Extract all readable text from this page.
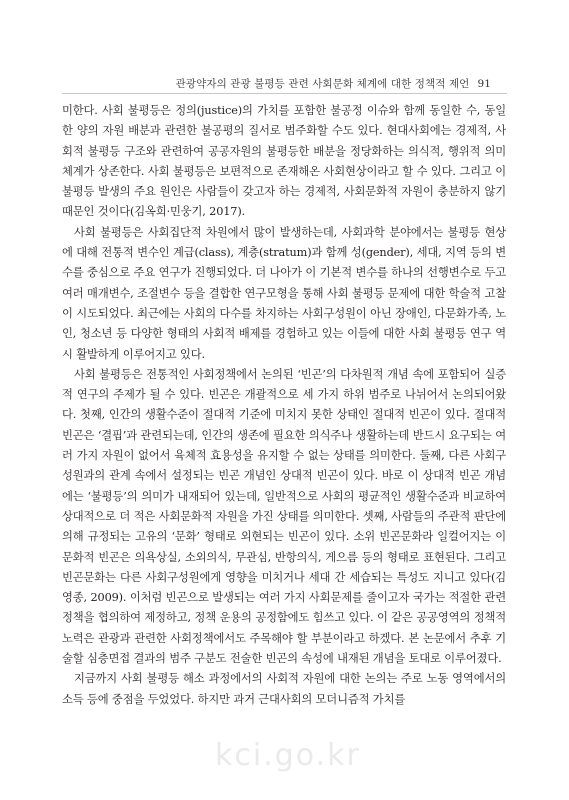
관광약자의 관광 불평등 관련 사회문화 체계에 대한 정책적 제언 91

미한다. 사회 불평등은 정의(justice)의 가치를 포함한 불공정 이슈와 함께 동일한 수, 동일한 양의 자원 배분과 관련한 불공평의 질서로 범주화할 수도 있다. 현대사회에는 경제적, 사회적 불평등 구조와 관련하여 공공자원의 불평등한 배분을 정당화하는 의식적, 행위적 의미체계가 상존한다. 사회 불평등은 보편적으로 존재해온 사회현상이라고 할 수 있다. 그리고 이 불평등 발생의 주요 원인은 사람들이 갖고자 하는 경제적, 사회문화적 자원이 충분하지 않기 때문인 것이다(김옥희·민웅기, 2017).

사회 불평등은 사회집단적 차원에서 많이 발생하는데, 사회과학 분야에서는 불평등 현상에 대해 전통적 변수인 계급(class), 계층(stratum)과 함께 성(gender), 세대, 지역 등의 변수를 중심으로 주요 연구가 진행되었다. 더 나아가 이 기본적 변수를 하나의 선행변수로 두고 여러 매개변수, 조절변수 등을 결합한 연구모형을 통해 사회 불평등 문제에 대한 학술적 고찰이 시도되었다. 최근에는 사회의 다수를 차지하는 사회구성원이 아닌 장애인, 다문화가족, 노인, 청소년 등 다양한 형태의 사회적 배제를 경험하고 있는 이들에 대한 사회 불평등 연구 역시 활발하게 이루어지고 있다.

사회 불평등은 전통적인 사회정책에서 논의된 ‘빈곤’의 다차원적 개념 속에 포함되어 실증적 연구의 주제가 될 수 있다. 빈곤은 개괄적으로 세 가지 하위 범주로 나뉘어서 논의되어왔다. 첫째, 인간의 생활수준이 절대적 기준에 미치지 못한 상태인 절대적 빈곤이 있다. 절대적 빈곤은 ‘결핍’과 관련되는데, 인간의 생존에 필요한 의식주나 생활하는데 반드시 요구되는 여러 가지 자원이 없어서 육체적 효용성을 유지할 수 없는 상태를 의미한다. 둘째, 다른 사회구성원과의 관계 속에서 설정되는 빈곤 개념인 상대적 빈곤이 있다. 바로 이 상대적 빈곤 개념에는 ‘불평등’의 의미가 내재되어 있는데, 일반적으로 사회의 평균적인 생활수준과 비교하여 상대적으로 더 적은 사회문화적 자원을 가진 상태를 의미한다. 셋째, 사람들의 주관적 판단에 의해 규정되는 고유의 ‘문화’ 형태로 외현되는 빈곤이 있다. 소위 빈곤문화라 일컬어지는 이 문화적 빈곤은 의욕상실, 소외의식, 무관심, 반항의식, 게으름 등의 형태로 표현된다. 그리고 빈곤문화는 다른 사회구성원에게 영향을 미치거나 세대 간 세습되는 특성도 지니고 있다(김영종, 2009). 이처럼 빈곤으로 발생되는 여러 가지 사회문제를 줄이고자 국가는 적절한 관련 정책을 협의하여 제정하고, 정책 운용의 공정함에도 힘쓰고 있다. 이 같은 공공영역의 정책적 노력은 관광과 관련한 사회정책에서도 주목해야 할 부분이라고 하겠다. 본 논문에서 추후 기술할 심층면접 결과의 범주 구분도 전술한 빈곤의 속성에 내재된 개념을 토대로 이루어졌다.

지금까지 사회 불평등 해소 과정에서의 사회적 자원에 대한 논의는 주로 노동 영역에서의 소득 등에 중점을 두었었다. 하지만 과거 근대사회의 모더니즘적 가치를

kci.go.kr
